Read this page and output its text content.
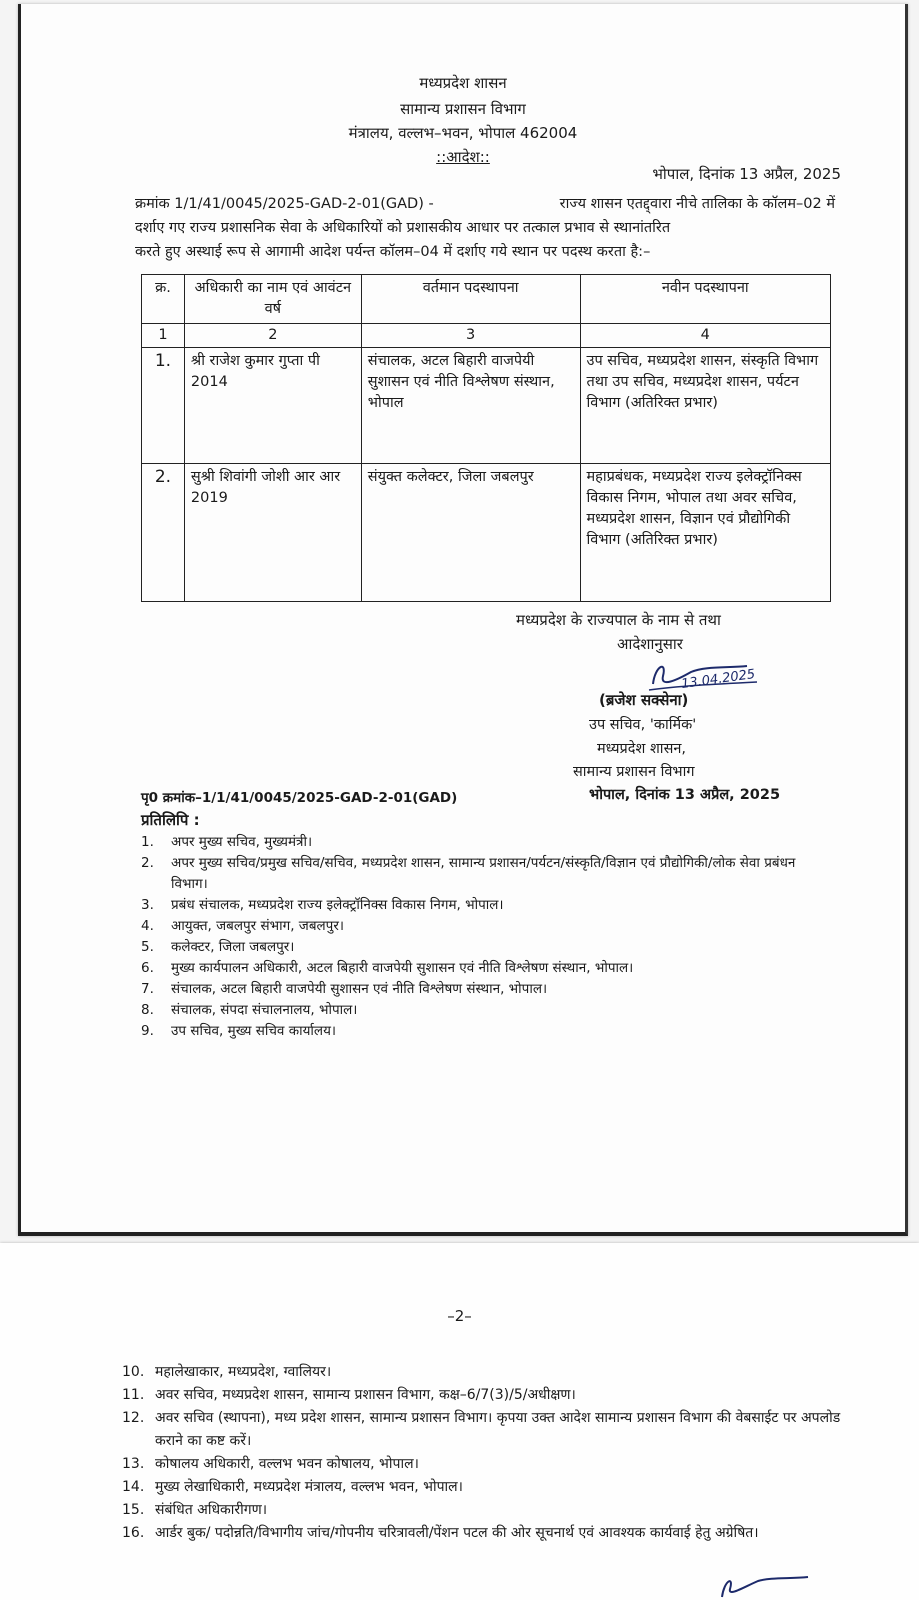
मध्यप्रदेश शासन
सामान्य प्रशासन विभाग
मंत्रालय, वल्लभ–भवन, भोपाल 462004
::आदेश::
भोपाल, दिनांक 13 अप्रैल, 2025
क्रमांक 1/1/41/0045/2025-GAD-2-01(GAD) -	राज्य शासन एतद्द्वारा नीचे तालिका के कॉलम–02 में
दर्शाए गए राज्य प्रशासनिक सेवा के अधिकारियों को प्रशासकीय आधार पर तत्काल प्रभाव से स्थानांतरित
करते हुए अस्थाई रूप से आगामी आदेश पर्यन्त कॉलम–04 में दर्शाए गये स्थान पर पदस्थ करता है:–
क्र.	अधिकारी का नाम एवं आवंटन वर्ष	वर्तमान पदस्थापना	नवीन पदस्थापना
1	2	3	4
1.	श्री राजेश कुमार गुप्ता पी 2014	संचालक, अटल बिहारी वाजपेयी सुशासन एवं नीति विश्लेषण संस्थान, भोपाल	उप सचिव, मध्यप्रदेश शासन, संस्कृति विभाग तथा उप सचिव, मध्यप्रदेश शासन, पर्यटन विभाग (अतिरिक्त प्रभार)
2.	सुश्री शिवांगी जोशी आर आर 2019	संयुक्त कलेक्टर, जिला जबलपुर	महाप्रबंधक, मध्यप्रदेश राज्य इलेक्ट्रॉनिक्स विकास निगम, भोपाल तथा अवर सचिव, मध्यप्रदेश शासन, विज्ञान एवं प्रौद्योगिकी विभाग (अतिरिक्त प्रभार)
मध्यप्रदेश के राज्यपाल के नाम से तथा
आदेशानुसार
13.04.2025
(ब्रजेश सक्सेना)
उप सचिव, 'कार्मिक'
मध्यप्रदेश शासन,
सामान्य प्रशासन विभाग
पृ0 क्रमांक–1/1/41/0045/2025-GAD-2-01(GAD)	भोपाल, दिनांक 13 अप्रैल, 2025
प्रतिलिपि :
1. अपर मुख्य सचिव, मुख्यमंत्री।
2. अपर मुख्य सचिव/प्रमुख सचिव/सचिव, मध्यप्रदेश शासन, सामान्य प्रशासन/पर्यटन/संस्कृति/विज्ञान एवं प्रौद्योगिकी/लोक सेवा प्रबंधन विभाग।
3. प्रबंध संचालक, मध्यप्रदेश राज्य इलेक्ट्रॉनिक्स विकास निगम, भोपाल।
4. आयुक्त, जबलपुर संभाग, जबलपुर।
5. कलेक्टर, जिला जबलपुर।
6. मुख्य कार्यपालन अधिकारी, अटल बिहारी वाजपेयी सुशासन एवं नीति विश्लेषण संस्थान, भोपाल।
7. संचालक, अटल बिहारी वाजपेयी सुशासन एवं नीति विश्लेषण संस्थान, भोपाल।
8. संचालक, संपदा संचालनालय, भोपाल।
9. उप सचिव, मुख्य सचिव कार्यालय।
–2–
10. महालेखाकार, मध्यप्रदेश, ग्वालियर।
11. अवर सचिव, मध्यप्रदेश शासन, सामान्य प्रशासन विभाग, कक्ष–6/7(3)/5/अधीक्षण।
12. अवर सचिव (स्थापना), मध्य प्रदेश शासन, सामान्य प्रशासन विभाग। कृपया उक्त आदेश सामान्य प्रशासन विभाग की वेबसाईट पर अपलोड कराने का कष्ट करें।
13. कोषालय अधिकारी, वल्लभ भवन कोषालय, भोपाल।
14. मुख्य लेखाधिकारी, मध्यप्रदेश मंत्रालय, वल्लभ भवन, भोपाल।
15. संबंधित अधिकारीगण।
16. आर्डर बुक/ पदोन्नति/विभागीय जांच/गोपनीय चरित्रावली/पेंशन पटल की ओर सूचनार्थ एवं आवश्यक कार्यवाई हेतु अग्रेषित।
